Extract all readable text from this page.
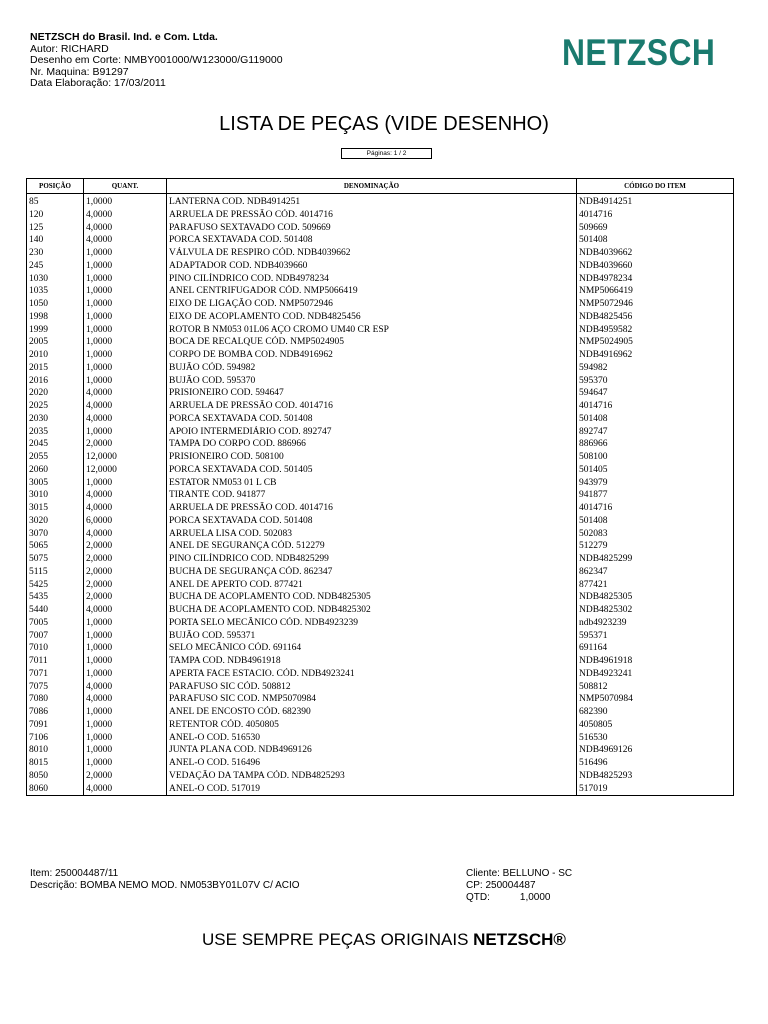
NETZSCH do Brasil. Ind. e Com. Ltda.
Autor: RICHARD
Desenho em Corte: NMBY001000/W123000/G119000
Nr. Maquina: B91297
Data Elaboração: 17/03/2011
NETZSCH
LISTA DE PEÇAS (VIDE DESENHO)
Páginas: 1 / 2
POSIÇÃO	QUANT.	DENOMINAÇÃO	CÓDIGO DO ITEM
85	1,0000	LANTERNA COD. NDB4914251	NDB4914251
120	4,0000	ARRUELA DE PRESSÃO CÓD. 4014716	4014716
125	4,0000	PARAFUSO SEXTAVADO COD. 509669	509669
140	4,0000	PORCA SEXTAVADA COD. 501408	501408
230	1,0000	VÁLVULA DE RESPIRO CÓD. NDB4039662	NDB4039662
245	1,0000	ADAPTADOR COD. NDB4039660	NDB4039660
1030	1,0000	PINO CILÍNDRICO COD. NDB4978234	NDB4978234
1035	1,0000	ANEL CENTRIFUGADOR CÓD. NMP5066419	NMP5066419
1050	1,0000	EIXO DE LIGAÇÃO COD. NMP5072946	NMP5072946
1998	1,0000	EIXO DE ACOPLAMENTO COD. NDB4825456	NDB4825456
1999	1,0000	ROTOR B NM053 01L06 AÇO CROMO UM40 CR ESP	NDB4959582
2005	1,0000	BOCA DE RECALQUE CÓD. NMP5024905	NMP5024905
2010	1,0000	CORPO DE BOMBA COD. NDB4916962	NDB4916962
2015	1,0000	BUJÃO CÓD. 594982	594982
2016	1,0000	BUJÃO COD. 595370	595370
2020	4,0000	PRISIONEIRO COD. 594647	594647
2025	4,0000	ARRUELA DE PRESSÃO COD. 4014716	4014716
2030	4,0000	PORCA SEXTAVADA COD. 501408	501408
2035	1,0000	APOIO INTERMEDIÁRIO COD. 892747	892747
2045	2,0000	TAMPA DO CORPO COD. 886966	886966
2055	12,0000	PRISIONEIRO COD. 508100	508100
2060	12,0000	PORCA SEXTAVADA COD. 501405	501405
3005	1,0000	ESTATOR NM053 01 L CB	943979
3010	4,0000	TIRANTE COD. 941877	941877
3015	4,0000	ARRUELA DE PRESSÃO COD. 4014716	4014716
3020	6,0000	PORCA SEXTAVADA COD. 501408	501408
3070	4,0000	ARRUELA LISA COD. 502083	502083
5065	2,0000	ANEL DE SEGURANÇA CÓD. 512279	512279
5075	2,0000	PINO CILÍNDRICO COD. NDB4825299	NDB4825299
5115	2,0000	BUCHA DE SEGURANÇA CÓD. 862347	862347
5425	2,0000	ANEL DE APERTO COD. 877421	877421
5435	2,0000	BUCHA DE ACOPLAMENTO COD. NDB4825305	NDB4825305
5440	4,0000	BUCHA DE ACOPLAMENTO COD. NDB4825302	NDB4825302
7005	1,0000	PORTA SELO MECÂNICO CÓD. NDB4923239	ndb4923239
7007	1,0000	BUJÃO COD. 595371	595371
7010	1,0000	SELO MECÂNICO CÓD. 691164	691164
7011	1,0000	TAMPA COD. NDB4961918	NDB4961918
7071	1,0000	APERTA FACE ESTACIO. CÓD. NDB4923241	NDB4923241
7075	4,0000	PARAFUSO SIC CÓD. 508812	508812
7080	4,0000	PARAFUSO SIC COD. NMP5070984	NMP5070984
7086	1,0000	ANEL DE ENCOSTO CÓD. 682390	682390
7091	1,0000	RETENTOR CÓD. 4050805	4050805
7106	1,0000	ANEL-O COD. 516530	516530
8010	1,0000	JUNTA PLANA COD. NDB4969126	NDB4969126
8015	1,0000	ANEL-O COD. 516496	516496
8050	2,0000	VEDAÇÃO DA TAMPA CÓD. NDB4825293	NDB4825293
8060	4,0000	ANEL-O COD. 517019	517019
Item: 250004487/11
Descrição: BOMBA NEMO MOD. NM053BY01L07V C/ ACIO
Cliente: BELLUNO - SC
CP: 250004487
QTD:	1,0000
USE SEMPRE PEÇAS ORIGINAIS NETZSCH®
